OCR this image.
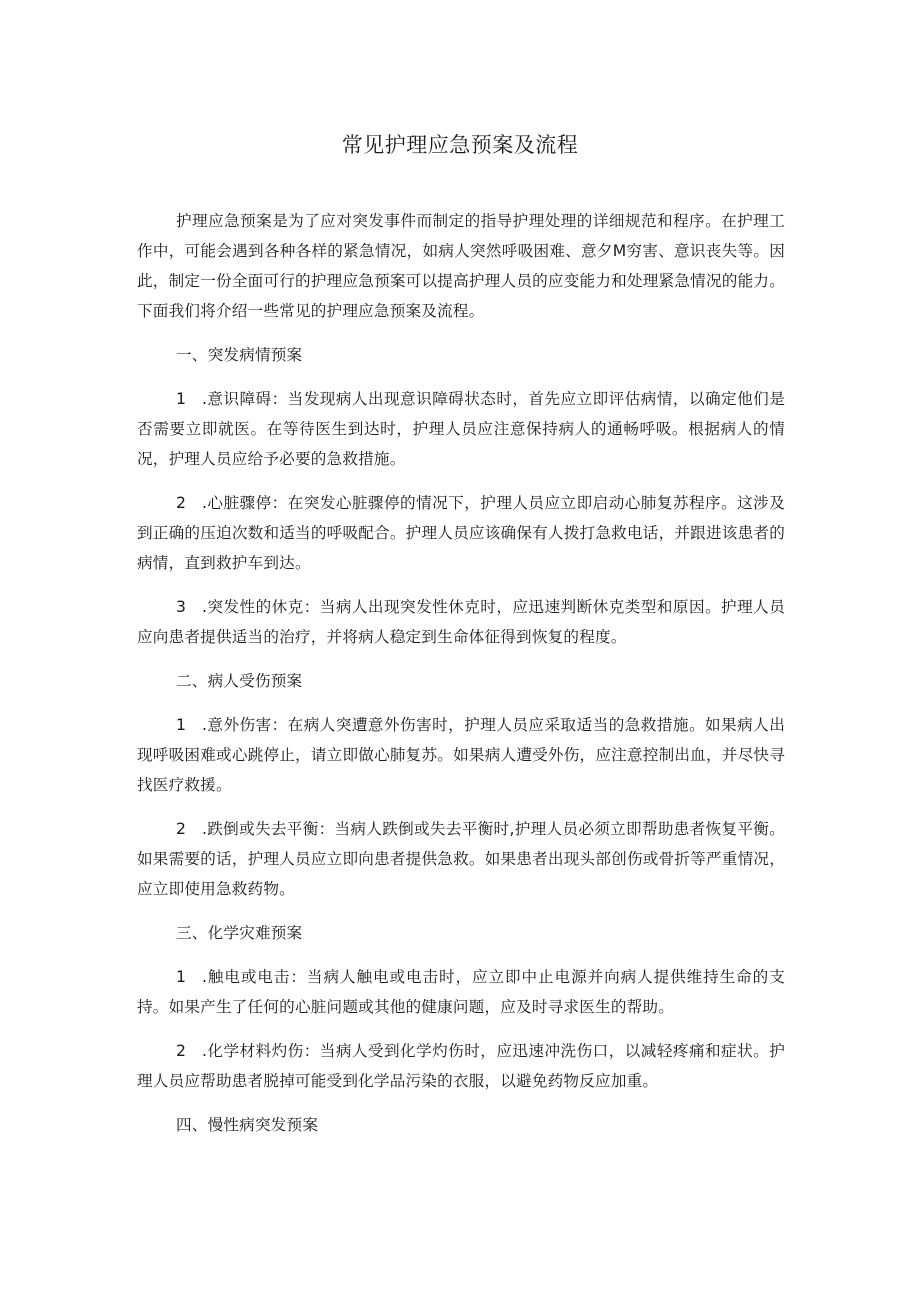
常见护理应急预案及流程

护理应急预案是为了应对突发事件而制定的指导护理处理的详细规范和程序。在护理工作中，可能会遇到各种各样的紧急情况，如病人突然呼吸困难、意夕M穷害、意识丧失等。因此，制定一份全面可行的护理应急预案可以提高护理人员的应变能力和处理紧急情况的能力。下面我们将介绍一些常见的护理应急预案及流程。

一、突发病情预案

1 .意识障碍：当发现病人出现意识障碍状态时，首先应立即评估病情，以确定他们是否需要立即就医。在等待医生到达时，护理人员应注意保持病人的通畅呼吸。根据病人的情况，护理人员应给予必要的急救措施。

2 .心脏骤停：在突发心脏骤停的情况下，护理人员应立即启动心肺复苏程序。这涉及到正确的压迫次数和适当的呼吸配合。护理人员应该确保有人拨打急救电话，并跟进该患者的病情，直到救护车到达。

3 .突发性的休克：当病人出现突发性休克时，应迅速判断休克类型和原因。护理人员应向患者提供适当的治疗，并将病人稳定到生命体征得到恢复的程度。

二、病人受伤预案

1 .意外伤害：在病人突遭意外伤害时，护理人员应采取适当的急救措施。如果病人出现呼吸困难或心跳停止，请立即做心肺复苏。如果病人遭受外伤，应注意控制出血，并尽快寻找医疗救援。

2 .跌倒或失去平衡：当病人跌倒或失去平衡时,护理人员必须立即帮助患者恢复平衡。如果需要的话，护理人员应立即向患者提供急救。如果患者出现头部创伤或骨折等严重情况，应立即使用急救药物。

三、化学灾难预案

1 .触电或电击：当病人触电或电击时，应立即中止电源并向病人提供维持生命的支持。如果产生了任何的心脏问题或其他的健康问题，应及时寻求医生的帮助。

2 .化学材料灼伤：当病人受到化学灼伤时，应迅速冲洗伤口，以减轻疼痛和症状。护理人员应帮助患者脱掉可能受到化学品污染的衣服，以避免药物反应加重。

四、慢性病突发预案
